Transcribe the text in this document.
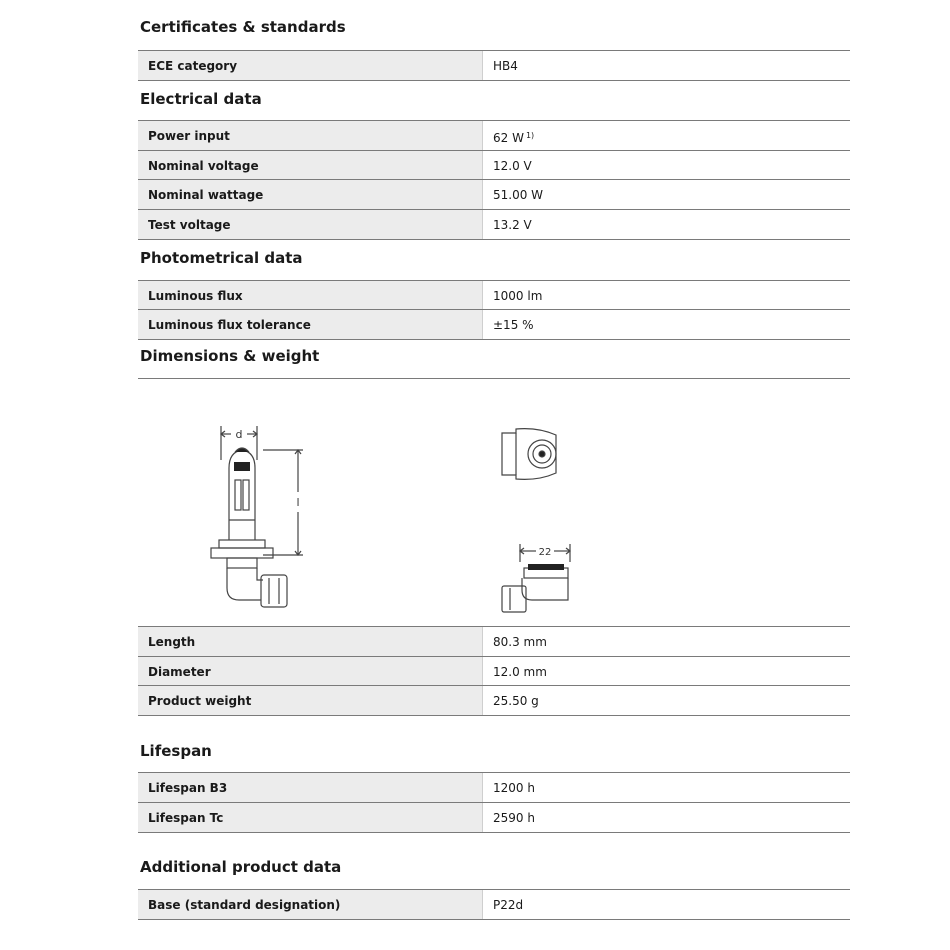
Certificates & standards
ECE category	HB4
Electrical data
Power input	62 W $^{1)}$
Nominal voltage	12.0 V
Nominal wattage	51.00 W
Test voltage	13.2 V
Photometrical data
Luminous flux	1000 lm
Luminous flux tolerance	±15 %
Dimensions & weight
d
l
22
Length	80.3 mm
Diameter	12.0 mm
Product weight	25.50 g
Lifespan
Lifespan B3	1200 h
Lifespan Tc	2590 h
Additional product data
Base (standard designation)	P22d
